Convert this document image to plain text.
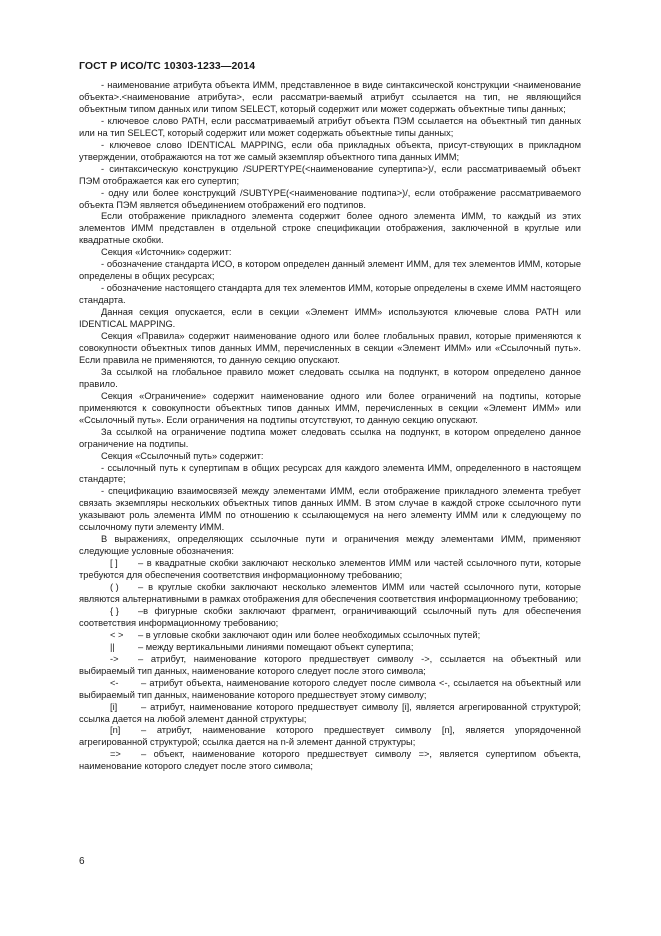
ГОСТ Р ИСО/ТС 10303-1233—2014

- наименование атрибута объекта ИММ, представленное в виде синтаксической конструкции <наименование объекта>.<наименование атрибута>, если рассматри-ваемый атрибут ссылается на тип, не являющийся объектным типом данных или типом SELECT, который содержит или может содержать объектные типы данных;

- ключевое слово PATH, если рассматриваемый атрибут объекта ПЭМ ссылается на объектный тип данных или на тип SELECT, который содержит или может содержать объектные типы данных;

- ключевое слово IDENTICAL MAPPING, если оба прикладных объекта, присут-ствующих в прикладном утверждении, отображаются на тот же самый экземпляр объектного типа данных ИММ;

- синтаксическую конструкцию /SUPERTYPE(<наименование супертипа>)/, если рассматриваемый объект ПЭМ отображается как его супертип;

- одну или более конструкций /SUBTYPE(<наименование подтипа>)/, если отображение рассматриваемого объекта ПЭМ является объединением отображений его подтипов.

Если отображение прикладного элемента содержит более одного элемента ИММ, то каждый из этих элементов ИММ представлен в отдельной строке спецификации отображения, заключенной в круглые или квадратные скобки.

Секция «Источник» содержит:

- обозначение стандарта ИСО, в котором определен данный элемент ИММ, для тех элементов ИММ, которые определены в общих ресурсах;

- обозначение настоящего стандарта для тех элементов ИММ, которые определены в схеме ИММ настоящего стандарта.

Данная секция опускается, если в секции «Элемент ИММ» используются ключевые слова PATH или IDENTICAL MAPPING.

Секция «Правила» содержит наименование одного или более глобальных правил, которые применяются к совокупности объектных типов данных ИММ, перечисленных в секции «Элемент ИММ» или «Ссылочный путь». Если правила не применяются, то данную секцию опускают.

За ссылкой на глобальное правило может следовать ссылка на подпункт, в котором определено данное правило.

Секция «Ограничение» содержит наименование одного или более ограничений на подтипы, которые применяются к совокупности объектных типов данных ИММ, перечисленных в секции «Элемент ИММ» или «Ссылочный путь». Если ограничения на подтипы отсутствуют, то данную секцию опускают.

За ссылкой на ограничение подтипа может следовать ссылка на подпункт, в котором определено данное ограничение на подтипы.

Секция «Ссылочный путь» содержит:

- ссылочный путь к супертипам в общих ресурсах для каждого элемента ИММ, определенного в настоящем стандарте;

- спецификацию взаимосвязей между элементами ИММ, если отображение прикладного элемента требует связать экземпляры нескольких объектных типов данных ИММ. В этом случае в каждой строке ссылочного пути указывают роль элемента ИММ по отношению к ссылающемуся на него элементу ИММ или к следующему по ссылочному пути элементу ИММ.

В выражениях, определяющих ссылочные пути и ограничения между элементами ИММ, применяют следующие условные обозначения:

[ ] – в квадратные скобки заключают несколько элементов ИММ или частей ссылочного пути, которые требуются для обеспечения соответствия информационному требованию;

( ) – в круглые скобки заключают несколько элементов ИММ или частей ссылочного пути, которые являются альтернативными в рамках отображения для обеспечения соответствия информационному требованию;

{ } –в фигурные скобки заключают фрагмент, ограничивающий ссылочный путь для обеспечения соответствия информационному требованию;

< > – в угловые скобки заключают один или более необходимых ссылочных путей;

|| – между вертикальными линиями помещают объект супертипа;

-> – атрибут, наименование которого предшествует символу ->, ссылается на объектный или выбираемый тип данных, наименование которого следует после этого символа;

<- – атрибут объекта, наименование которого следует после символа <-, ссылается на объектный или выбираемый тип данных, наименование которого предшествует этому символу;

[i]	– атрибут, наименование которого предшествует символу [i], является агрегированной структурой; ссылка дается на любой элемент данной структуры;

[n] – атрибут, наименование которого предшествует символу [n], является упорядоченной агрегированной структурой; ссылка дается на n-й элемент данной структуры;

=> – объект, наименование которого предшествует символу =>, является супертипом объекта, наименование которого следует после этого символа;

6
